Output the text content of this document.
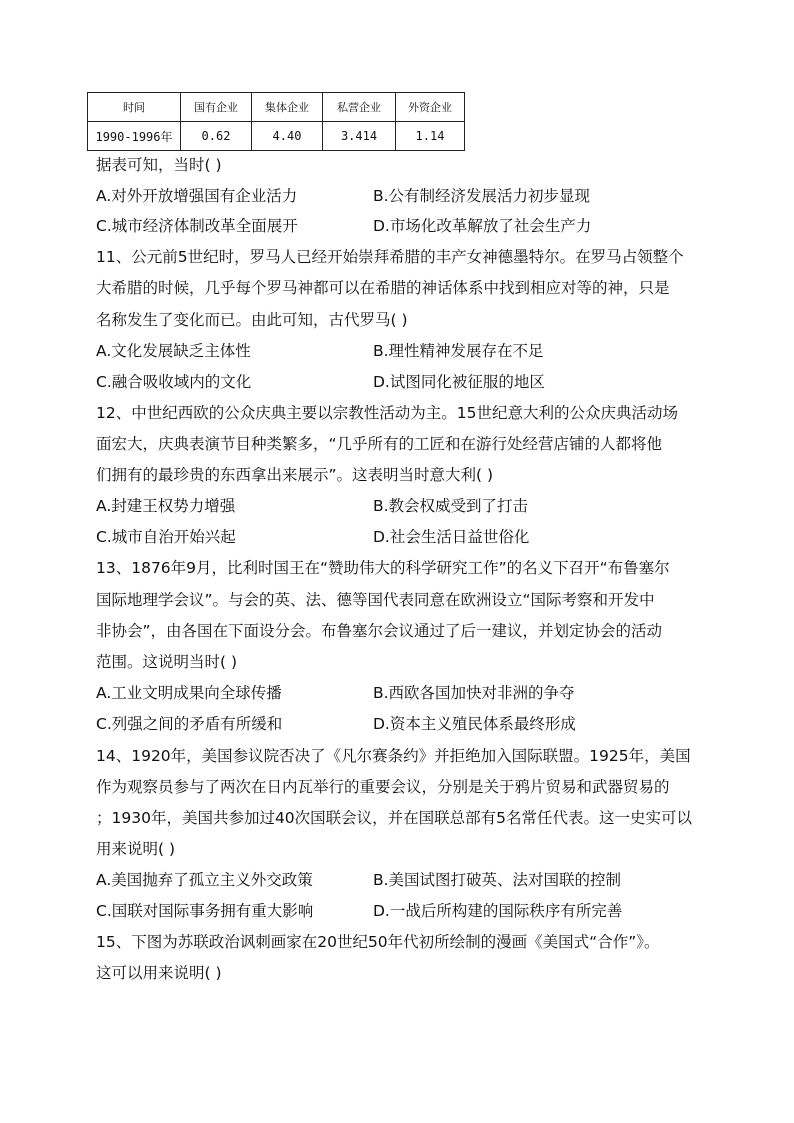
时间	国有企业	集体企业	私营企业	外资企业
1990-1996年	0.62	4.40	3.414	1.14
据表可知，当时( )
A.对外开放增强国有企业活力	B.公有制经济发展活力初步显现
C.城市经济体制改革全面展开	D.市场化改革解放了社会生产力
11、公元前5世纪时，罗马人已经开始崇拜希腊的丰产女神德墨特尔。在罗马占领整个
大希腊的时候，几乎每个罗马神都可以在希腊的神话体系中找到相应对等的神，只是
名称发生了变化而已。由此可知，古代罗马( )
A.文化发展缺乏主体性	B.理性精神发展存在不足
C.融合吸收域内的文化	D.试图同化被征服的地区
12、中世纪西欧的公众庆典主要以宗教性活动为主。15世纪意大利的公众庆典活动场
面宏大，庆典表演节目种类繁多，“几乎所有的工匠和在游行处经营店铺的人都将他
们拥有的最珍贵的东西拿出来展示”。这表明当时意大利( )
A.封建王权势力增强	B.教会权威受到了打击
C.城市自治开始兴起	D.社会生活日益世俗化
13、1876年9月，比利时国王在“赞助伟大的科学研究工作”的名义下召开“布鲁塞尔
国际地理学会议”。与会的英、法、德等国代表同意在欧洲设立“国际考察和开发中
非协会”，由各国在下面设分会。布鲁塞尔会议通过了后一建议，并划定协会的活动
范围。这说明当时( )
A.工业文明成果向全球传播	B.西欧各国加快对非洲的争夺
C.列强之间的矛盾有所缓和	D.资本主义殖民体系最终形成
14、1920年，美国参议院否决了《凡尔赛条约》并拒绝加入国际联盟。1925年，美国
作为观察员参与了两次在日内瓦举行的重要会议，分别是关于鸦片贸易和武器贸易的
；1930年，美国共参加过40次国联会议，并在国联总部有5名常任代表。这一史实可以
用来说明( )
A.美国抛弃了孤立主义外交政策	B.美国试图打破英、法对国联的控制
C.国联对国际事务拥有重大影响	D.一战后所构建的国际秩序有所完善
15、下图为苏联政治讽刺画家在20世纪50年代初所绘制的漫画《美国式“合作”》。
这可以用来说明( )
